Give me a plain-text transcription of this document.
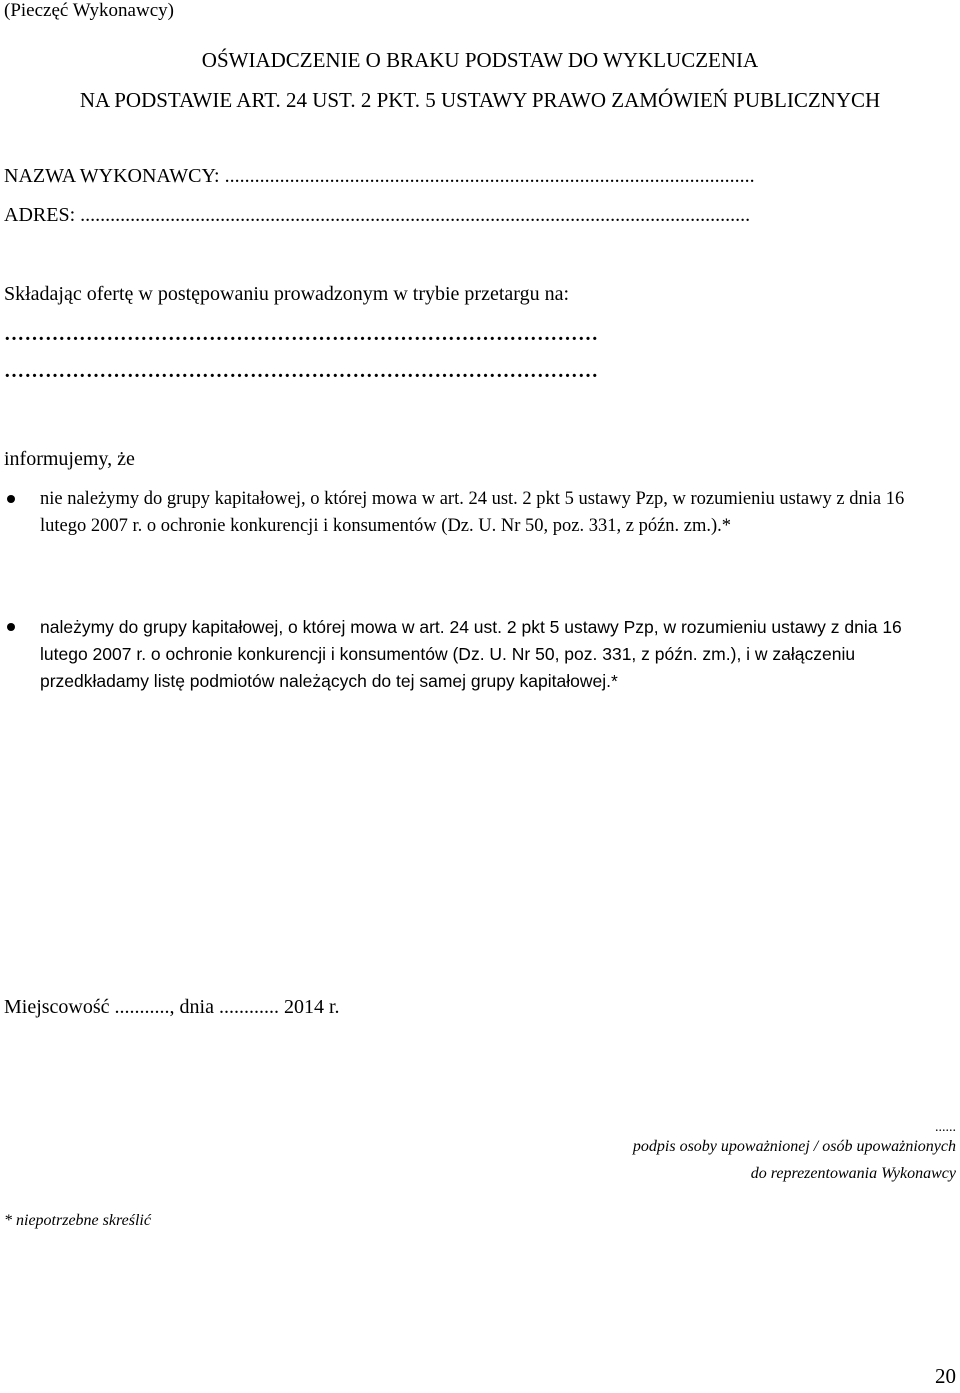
(Pieczęć Wykonawcy)
OŚWIADCZENIE O BRAKU PODSTAW DO WYKLUCZENIA
NA PODSTAWIE ART. 24 UST. 2 PKT. 5 USTAWY PRAWO ZAMÓWIEŃ PUBLICZNYCH
NAZWA WYKONAWCY: ..........................................................................................................
ADRES: ......................................................................................................................................
Składając ofertę w postępowaniu prowadzonym w trybie przetargu na:
……………………………………………………………………………
……………………………………………………………………………
informujemy, że
nie należymy do grupy kapitałowej, o której mowa w art. 24 ust. 2 pkt 5 ustawy Pzp, w rozumieniu ustawy z dnia 16 lutego 2007 r. o ochronie konkurencji i konsumentów (Dz. U. Nr 50, poz. 331, z późn. zm.).*
należymy do grupy kapitałowej, o której mowa w art. 24 ust. 2 pkt 5 ustawy Pzp, w rozumieniu ustawy z dnia 16 lutego 2007 r. o ochronie konkurencji i konsumentów (Dz. U. Nr 50, poz. 331, z późn. zm.), i w załączeniu przedkładamy listę podmiotów należących do tej samej grupy kapitałowej.*
Miejscowość ..........., dnia ............ 2014 r.
......
podpis osoby upoważnionej / osób upoważnionych
do reprezentowania Wykonawcy
* niepotrzebne skreślić
20
